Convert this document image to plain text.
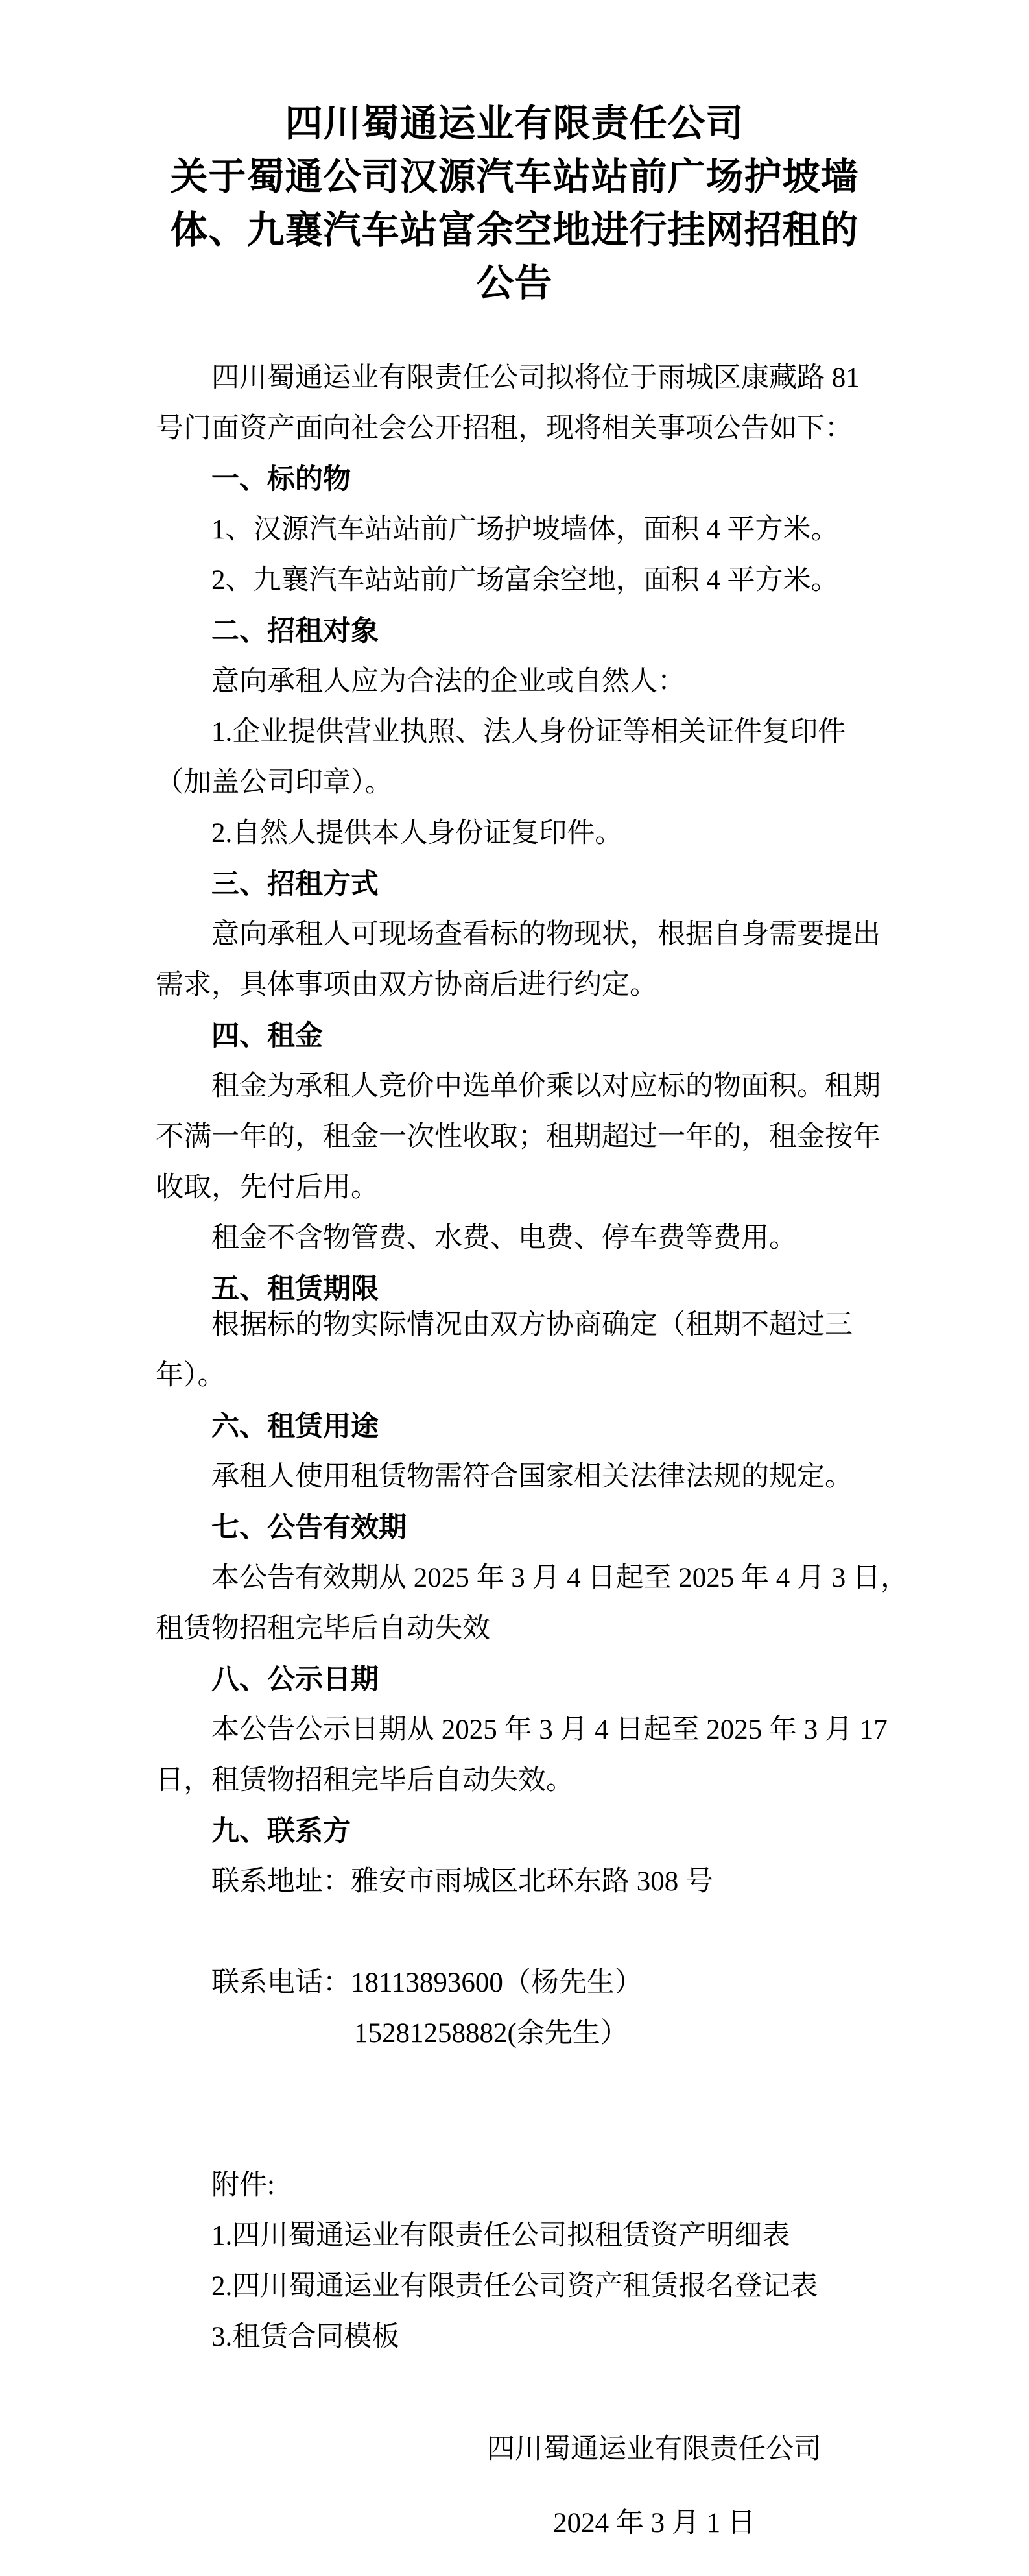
四川蜀通运业有限责任公司
关于蜀通公司汉源汽车站站前广场护坡墙
体、九襄汽车站富余空地进行挂网招租的
公告
四川蜀通运业有限责任公司拟将位于雨城区康藏路 81
号门面资产面向社会公开招租，现将相关事项公告如下：
一、标的物
1、汉源汽车站站前广场护坡墙体，面积 4 平方米。
2、九襄汽车站站前广场富余空地，面积 4 平方米。
二、招租对象
意向承租人应为合法的企业或自然人：
1.企业提供营业执照、法人身份证等相关证件复印件
（加盖公司印章）。
2.自然人提供本人身份证复印件。
三、招租方式
意向承租人可现场查看标的物现状，根据自身需要提出
需求，具体事项由双方协商后进行约定。
四、租金
租金为承租人竞价中选单价乘以对应标的物面积。租期
不满一年的，租金一次性收取；租期超过一年的，租金按年
收取，先付后用。
租金不含物管费、水费、电费、停车费等费用。
五、租赁期限
根据标的物实际情况由双方协商确定（租期不超过三
年）。
六、租赁用途
承租人使用租赁物需符合国家相关法律法规的规定。
七、公告有效期
本公告有效期从 2025 年 3 月 4 日起至 2025 年 4 月 3 日，
租赁物招租完毕后自动失效
八、公示日期
本公告公示日期从 2025 年 3 月 4 日起至 2025 年 3 月 17
日，租赁物招租完毕后自动失效。
九、联系方
联系地址：雅安市雨城区北环东路 308 号

联系电话：18113893600（杨先生）
15281258882(余先生）

附件:
1.四川蜀通运业有限责任公司拟租赁资产明细表
2.四川蜀通运业有限责任公司资产租赁报名登记表
3.租赁合同模板
四川蜀通运业有限责任公司
2024 年 3 月 1 日
